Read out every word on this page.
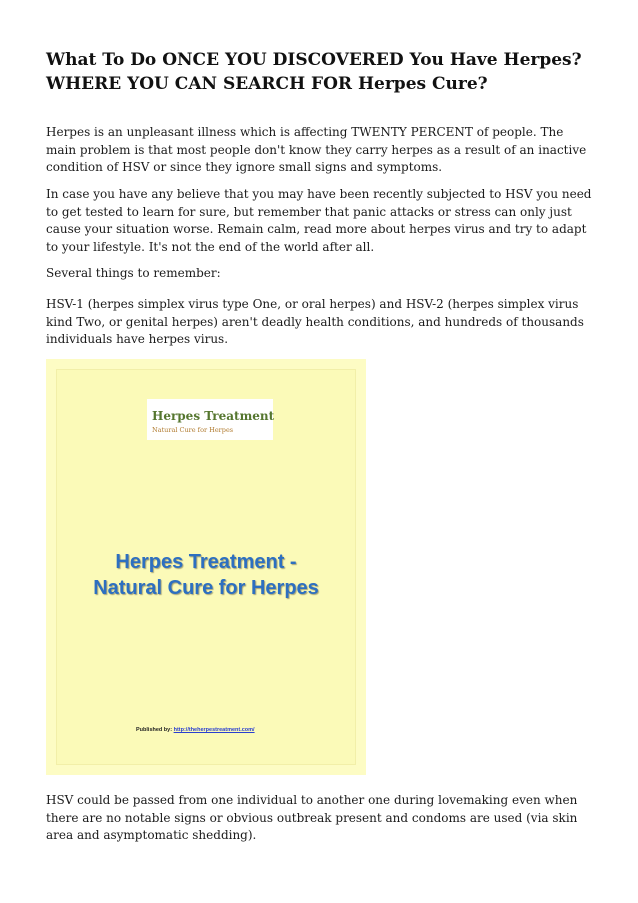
What To Do ONCE YOU DISCOVERED You Have Herpes?
WHERE YOU CAN SEARCH FOR Herpes Cure?

Herpes is an unpleasant illness which is affecting TWENTY PERCENT of people. The main problem is that most people don't know they carry herpes as a result of an inactive condition of HSV or since they ignore small signs and symptoms.

In case you have any believe that you may have been recently subjected to HSV you need to get tested to learn for sure, but remember that panic attacks or stress can only just cause your situation worse. Remain calm, read more about herpes virus and try to adapt to your lifestyle. It's not the end of the world after all.

Several things to remember:

HSV-1 (herpes simplex virus type One, or oral herpes) and HSV-2 (herpes simplex virus kind Two, or genital herpes) aren't deadly health conditions, and hundreds of thousands individuals have herpes virus.

Herpes Treatment
Natural Cure for Herpes
Herpes Treatment -
Natural Cure for Herpes
Published by: http://theherpestreatment.com/

HSV could be passed from one individual to another one during lovemaking even when there are no notable signs or obvious outbreak present and condoms are used (via skin area and asymptomatic shedding).
